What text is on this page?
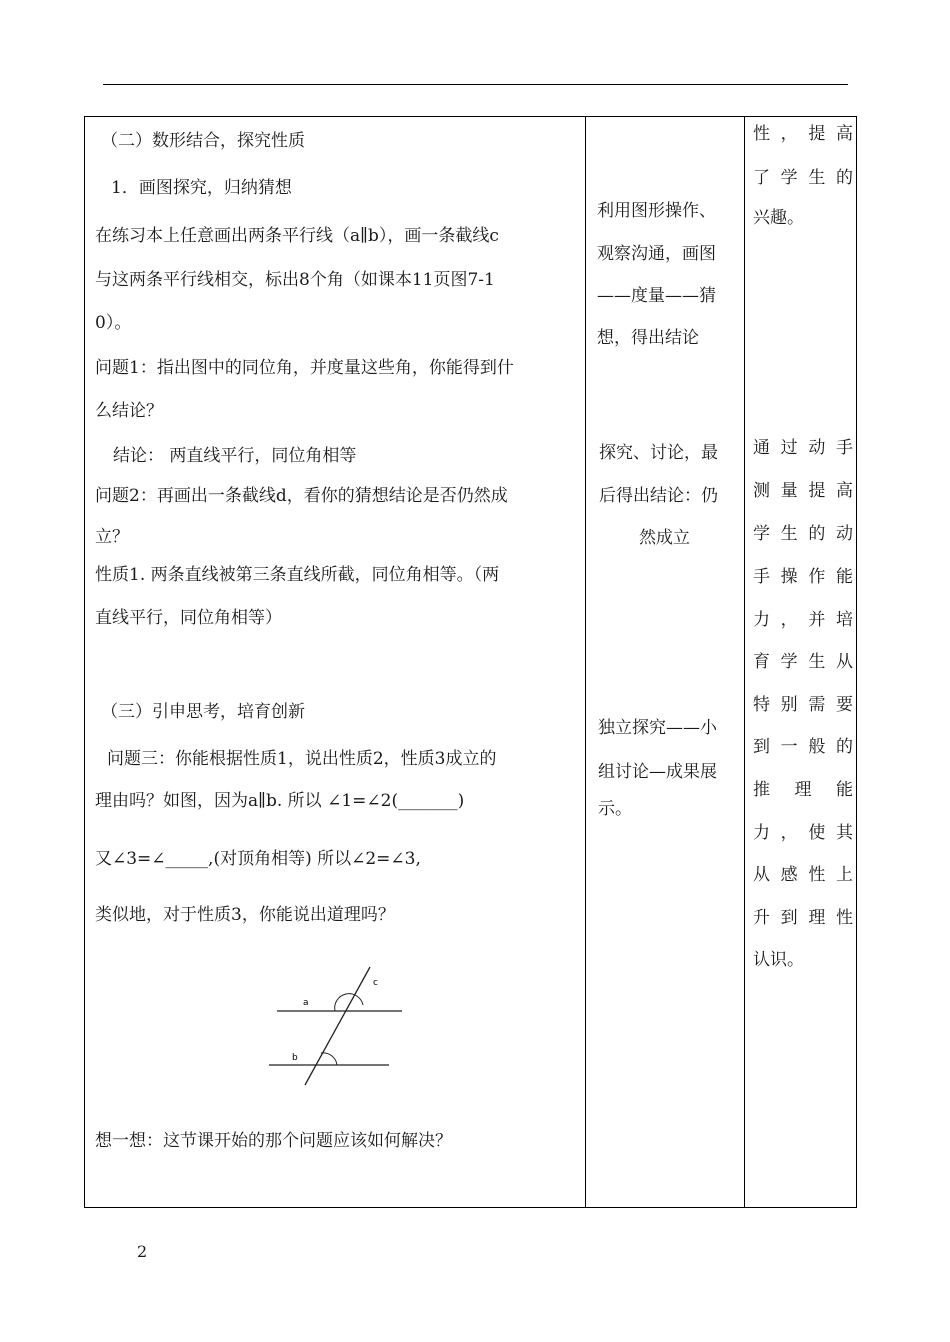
（二）数形结合，探究性质
1．画图探究，归纳猜想
在练习本上任意画出两条平行线（a∥b），画一条截线c
与这两条平行线相交，标出8个角（如课本11页图7-1
0）。
问题1：指出图中的同位角，并度量这些角，你能得到什
么结论？
结论： 两直线平行，同位角相等
问题2：再画出一条截线d，看你的猜想结论是否仍然成
立？
性质1. 两条直线被第三条直线所截，同位角相等。（两
直线平行，同位角相等）
（三）引申思考，培育创新
问题三：你能根据性质1，说出性质2，性质3成立的
理由吗？如图，因为a∥b. 所以 ∠1=∠2(_______)
又∠3=∠_____,(对顶角相等) 所以∠2=∠3,
类似地，对于性质3，你能说出道理吗？
a
b
c
想一想：这节课开始的那个问题应该如何解决？
利用图形操作、
观察沟通，画图
——度量——猜
想，得出结论
探究、讨论，最
后得出结论：仍
然成立
独立探究——小
组讨论—成果展
示。
性，提高
了学生的
兴趣。
通过动手
测量提高
学生的动
手操作能
力，并培
育学生从
特别需要
到一般的
推理能
力，使其
从感性上
升到理性
认识。
2
